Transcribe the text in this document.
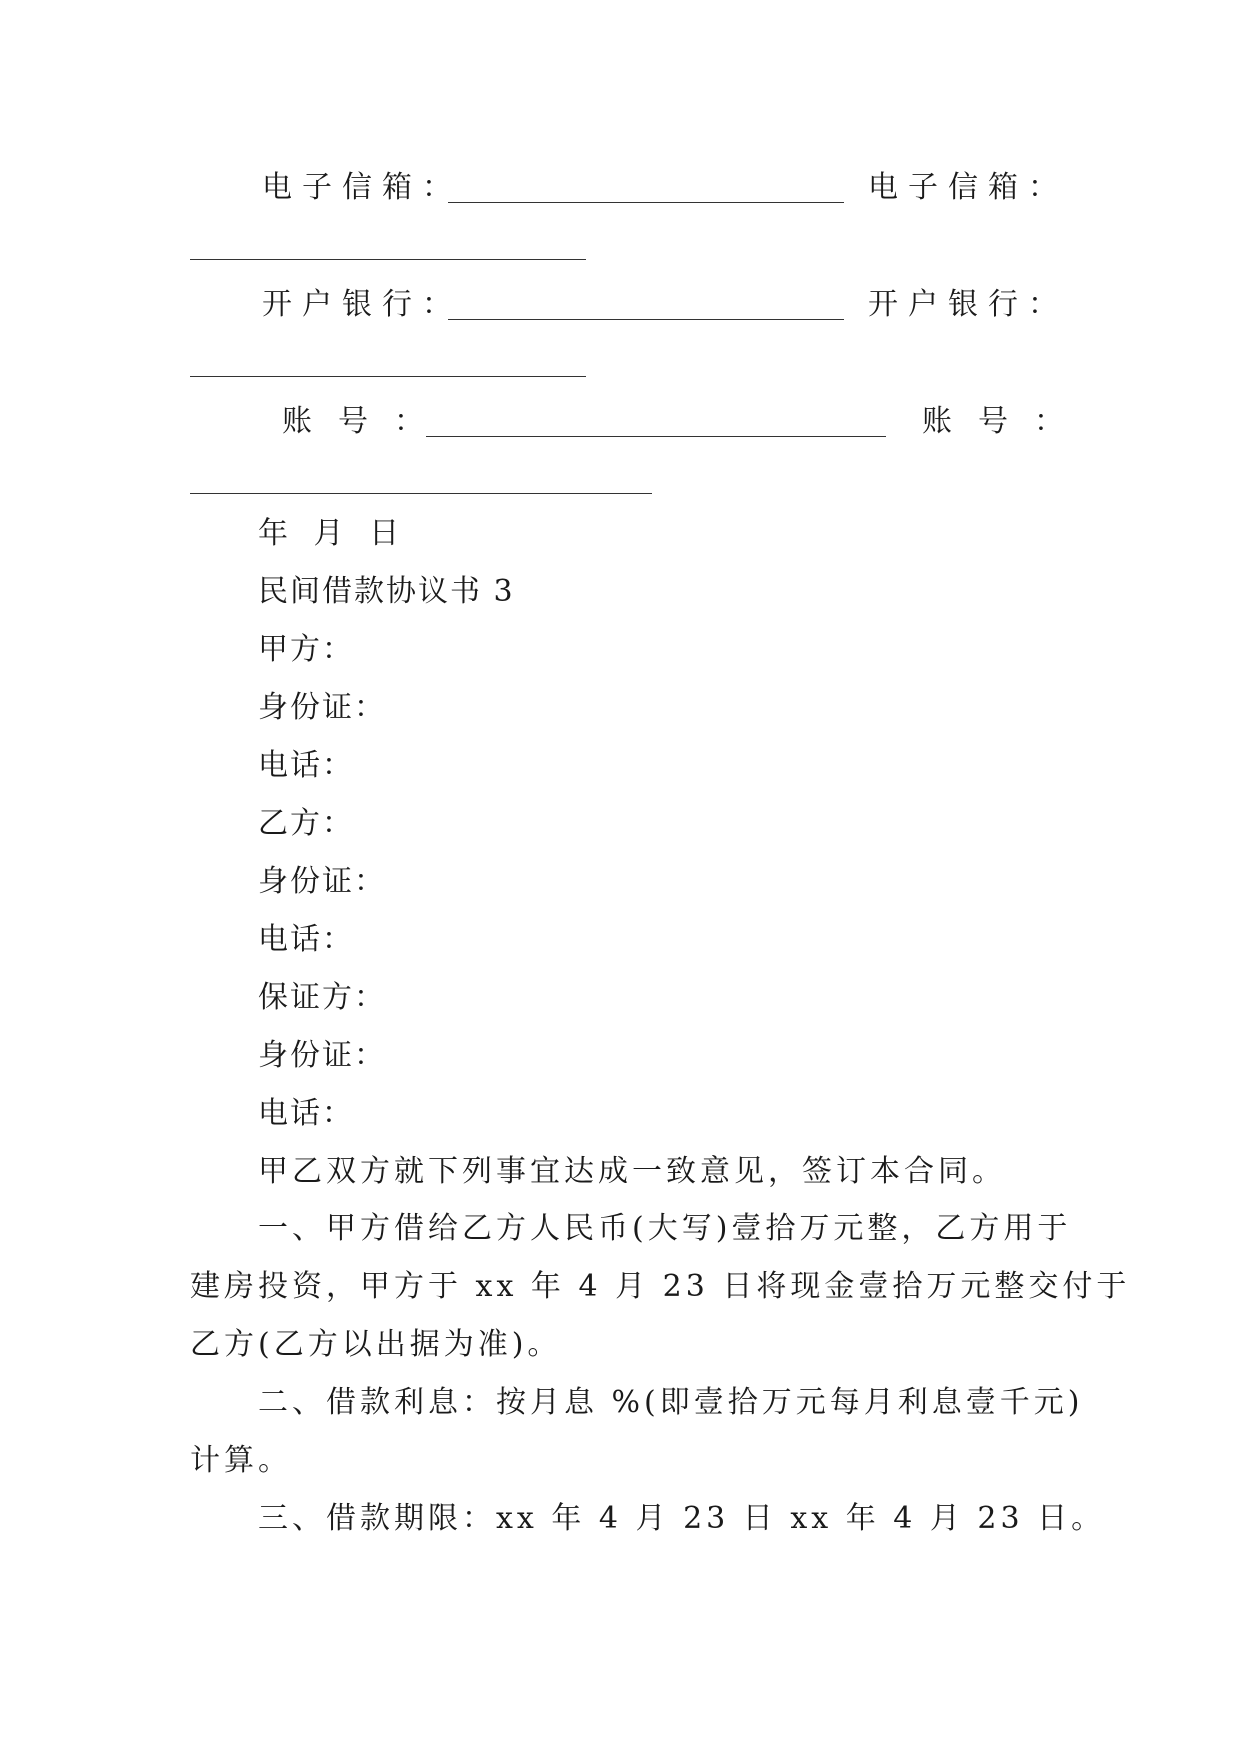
电子信箱：	电子信箱：
开户银行：	开户银行：
账号：	账号：
年 月 日
民间借款协议书 3
甲方：
身份证：
电话：
乙方：
身份证：
电话：
保证方：
身份证：
电话：
甲乙双方就下列事宜达成一致意见，签订本合同。
一、甲方借给乙方人民币(大写)壹拾万元整，乙方用于
建房投资，甲方于 xx 年 4 月 23 日将现金壹拾万元整交付于
乙方(乙方以出据为准)。
二、借款利息：按月息 %(即壹拾万元每月利息壹千元)
计算。
三、借款期限：xx 年 4 月 23 日 xx 年 4 月 23 日。
